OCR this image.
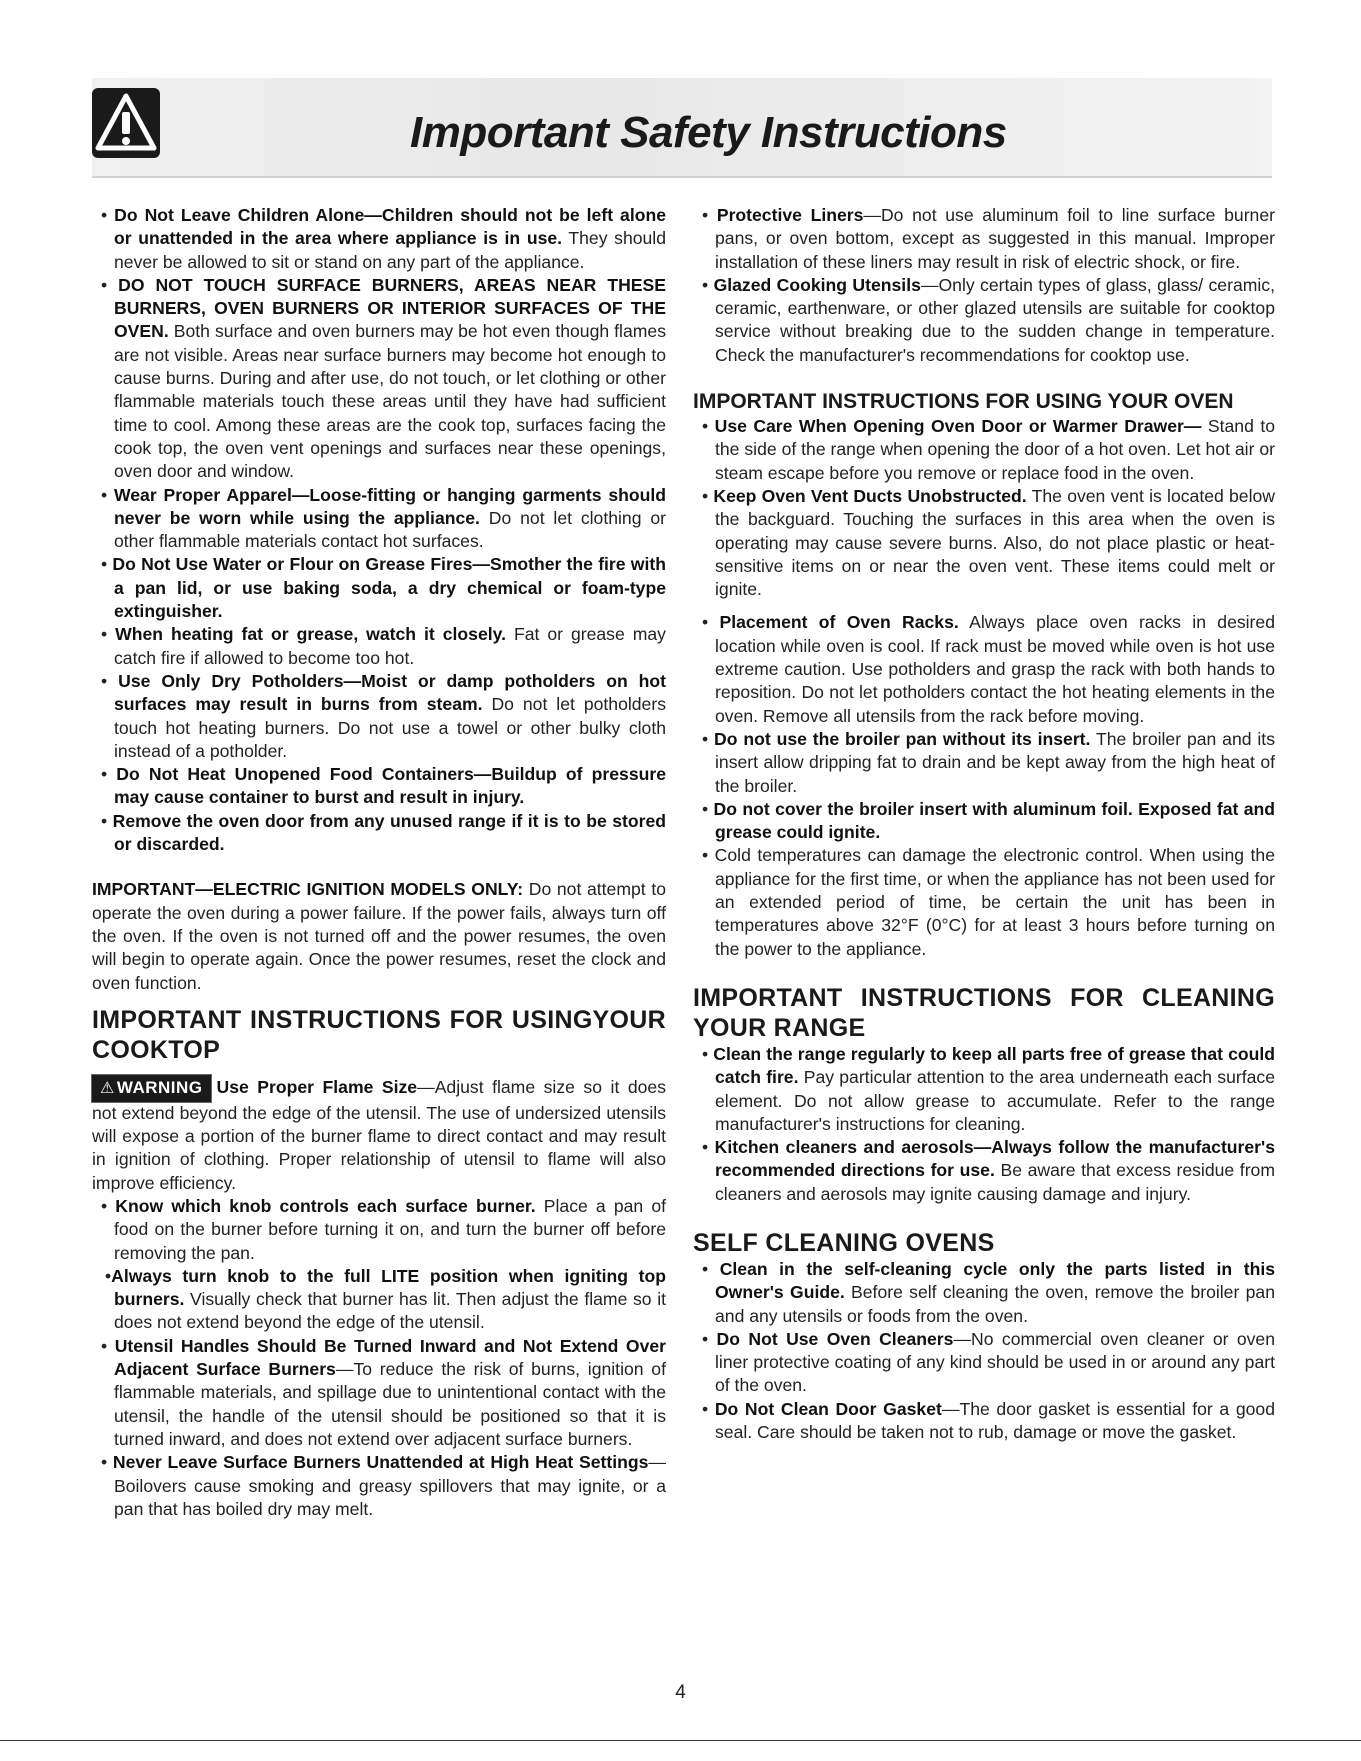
Important Safety Instructions

• Do Not Leave Children Alone—Children should not be left alone or unattended in the area where appliance is in use. They should never be allowed to sit or stand on any part of the appliance.

• DO NOT TOUCH SURFACE BURNERS, AREAS NEAR THESE BURNERS, OVEN BURNERS OR INTERIOR SURFACES OF THE OVEN. Both surface and oven burners may be hot even though flames are not visible. Areas near surface burners may become hot enough to cause burns. During and after use, do not touch, or let clothing or other flammable materials touch these areas until they have had sufficient time to cool. Among these areas are the cook top, surfaces facing the cook top, the oven vent openings and surfaces near these openings, oven door and window.

• Wear Proper Apparel—Loose-fitting or hanging garments should never be worn while using the appliance. Do not let clothing or other flammable materials contact hot surfaces.

• Do Not Use Water or Flour on Grease Fires—Smother the fire with a pan lid, or use baking soda, a dry chemical or foam-type extinguisher.

• When heating fat or grease, watch it closely. Fat or grease may catch fire if allowed to become too hot.

• Use Only Dry Potholders—Moist or damp potholders on hot surfaces may result in burns from steam. Do not let potholders touch hot heating burners. Do not use a towel or other bulky cloth instead of a potholder.

• Do Not Heat Unopened Food Containers—Buildup of pressure may cause container to burst and result in injury.

• Remove the oven door from any unused range if it is to be stored or discarded.

IMPORTANT—ELECTRIC IGNITION MODELS ONLY: Do not attempt to operate the oven during a power failure. If the power fails, always turn off the oven. If the oven is not turned off and the power resumes, the oven will begin to operate again. Once the power resumes, reset the clock and oven function.

IMPORTANT INSTRUCTIONS FOR USINGYOUR COOKTOP

⚠ WARNING Use Proper Flame Size—Adjust flame size so it does not extend beyond the edge of the utensil. The use of undersized utensils will expose a portion of the burner flame to direct contact and may result in ignition of clothing. Proper relationship of utensil to flame will also improve efficiency.

• Know which knob controls each surface burner. Place a pan of food on the burner before turning it on, and turn the burner off before removing the pan.

• Always turn knob to the full LITE position when igniting top burners. Visually check that burner has lit. Then adjust the flame so it does not extend beyond the edge of the utensil.

• Utensil Handles Should Be Turned Inward and Not Extend Over Adjacent Surface Burners—To reduce the risk of burns, ignition of flammable materials, and spillage due to unintentional contact with the utensil, the handle of the utensil should be positioned so that it is turned inward, and does not extend over adjacent surface burners.

• Never Leave Surface Burners Unattended at High Heat Settings—Boilovers cause smoking and greasy spillovers that may ignite, or a pan that has boiled dry may melt.

• Protective Liners—Do not use aluminum foil to line surface burner pans, or oven bottom, except as suggested in this manual. Improper installation of these liners may result in risk of electric shock, or fire.

• Glazed Cooking Utensils—Only certain types of glass, glass/ ceramic, ceramic, earthenware, or other glazed utensils are suitable for cooktop service without breaking due to the sudden change in temperature. Check the manufacturer's recommendations for cooktop use.

IMPORTANT INSTRUCTIONS FOR USING YOUR OVEN

• Use Care When Opening Oven Door or Warmer Drawer— Stand to the side of the range when opening the door of a hot oven. Let hot air or steam escape before you remove or replace food in the oven.

• Keep Oven Vent Ducts Unobstructed. The oven vent is located below the backguard. Touching the surfaces in this area when the oven is operating may cause severe burns. Also, do not place plastic or heat-sensitive items on or near the oven vent. These items could melt or ignite.

• Placement of Oven Racks. Always place oven racks in desired location while oven is cool. If rack must be moved while oven is hot use extreme caution. Use potholders and grasp the rack with both hands to reposition. Do not let potholders contact the hot heating elements in the oven. Remove all utensils from the rack before moving.

• Do not use the broiler pan without its insert. The broiler pan and its insert allow dripping fat to drain and be kept away from the high heat of the broiler.

• Do not cover the broiler insert with aluminum foil. Exposed fat and grease could ignite.

• Cold temperatures can damage the electronic control. When using the appliance for the first time, or when the appliance has not been used for an extended period of time, be certain the unit has been in temperatures above 32°F (0°C) for at least 3 hours before turning on the power to the appliance.

IMPORTANT INSTRUCTIONS FOR CLEANING YOUR RANGE

• Clean the range regularly to keep all parts free of grease that could catch fire. Pay particular attention to the area underneath each surface element. Do not allow grease to accumulate. Refer to the range manufacturer's instructions for cleaning.

• Kitchen cleaners and aerosols—Always follow the manufacturer's recommended directions for use. Be aware that excess residue from cleaners and aerosols may ignite causing damage and injury.

SELF CLEANING OVENS

• Clean in the self-cleaning cycle only the parts listed in this Owner's Guide. Before self cleaning the oven, remove the broiler pan and any utensils or foods from the oven.

• Do Not Use Oven Cleaners—No commercial oven cleaner or oven liner protective coating of any kind should be used in or around any part of the oven.

• Do Not Clean Door Gasket—The door gasket is essential for a good seal. Care should be taken not to rub, damage or move the gasket.

4
